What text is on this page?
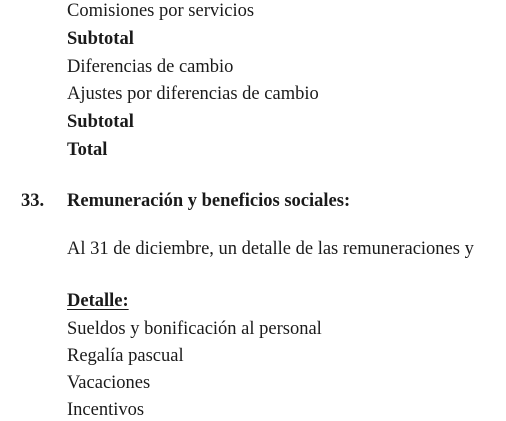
Comisiones por servicios
Subtotal
Diferencias de cambio
Ajustes por diferencias de cambio
Subtotal
Total
33. Remuneración y beneficios sociales:
Al 31 de diciembre, un detalle de las remuneraciones y
Detalle:
Sueldos y bonificación al personal
Regalía pascual
Vacaciones
Incentivos
